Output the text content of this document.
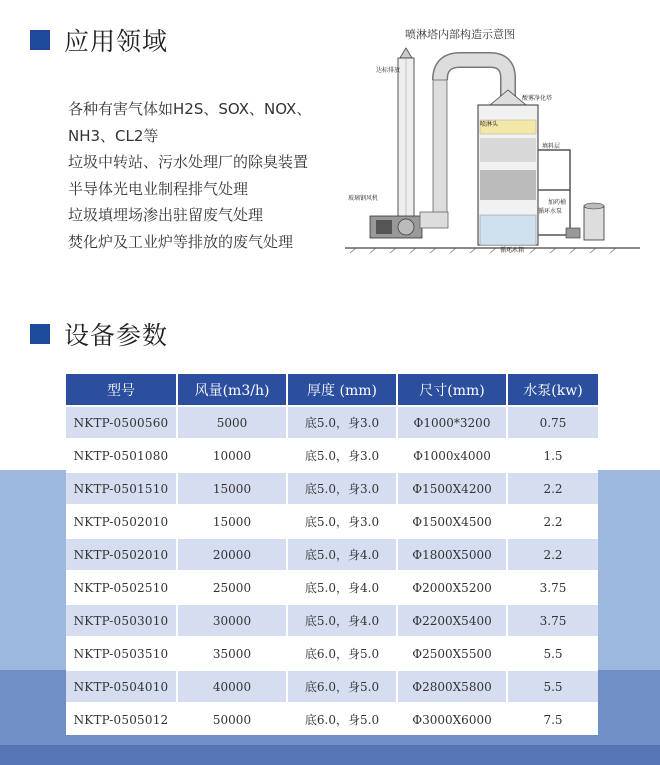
应用领域
各种有害气体如H2S、SOX、NOX、
NH3、CL2等
垃圾中转站、污水处理厂的除臭装置
半导体光电业制程排气处理
垃圾填埋场渗出驻留废气处理
焚化炉及工业炉等排放的废气处理
喷淋塔内部构造示意图
达标排放
酸雾净化塔
喷淋头
填料层
玻璃钢风机
加药桶
循环水泵
循环水箱
设备参数
型号	风量(m3/h)	厚度 (mm)	尺寸(mm)	水泵(kw)
NKTP-0500560	5000	底5.0，身3.0	Φ1000*3200	0.75
NKTP-0501080	10000	底5.0，身3.0	Φ1000x4000	1.5
NKTP-0501510	15000	底5.0，身3.0	Φ1500X4200	2.2
NKTP-0502010	15000	底5.0，身3.0	Φ1500X4500	2.2
NKTP-0502010	20000	底5.0，身4.0	Φ1800X5000	2.2
NKTP-0502510	25000	底5.0，身4.0	Φ2000X5200	3.75
NKTP-0503010	30000	底5.0，身4.0	Φ2200X5400	3.75
NKTP-0503510	35000	底6.0，身5.0	Φ2500X5500	5.5
NKTP-0504010	40000	底6.0，身5.0	Φ2800X5800	5.5
NKTP-0505012	50000	底6.0，身5.0	Φ3000X6000	7.5
